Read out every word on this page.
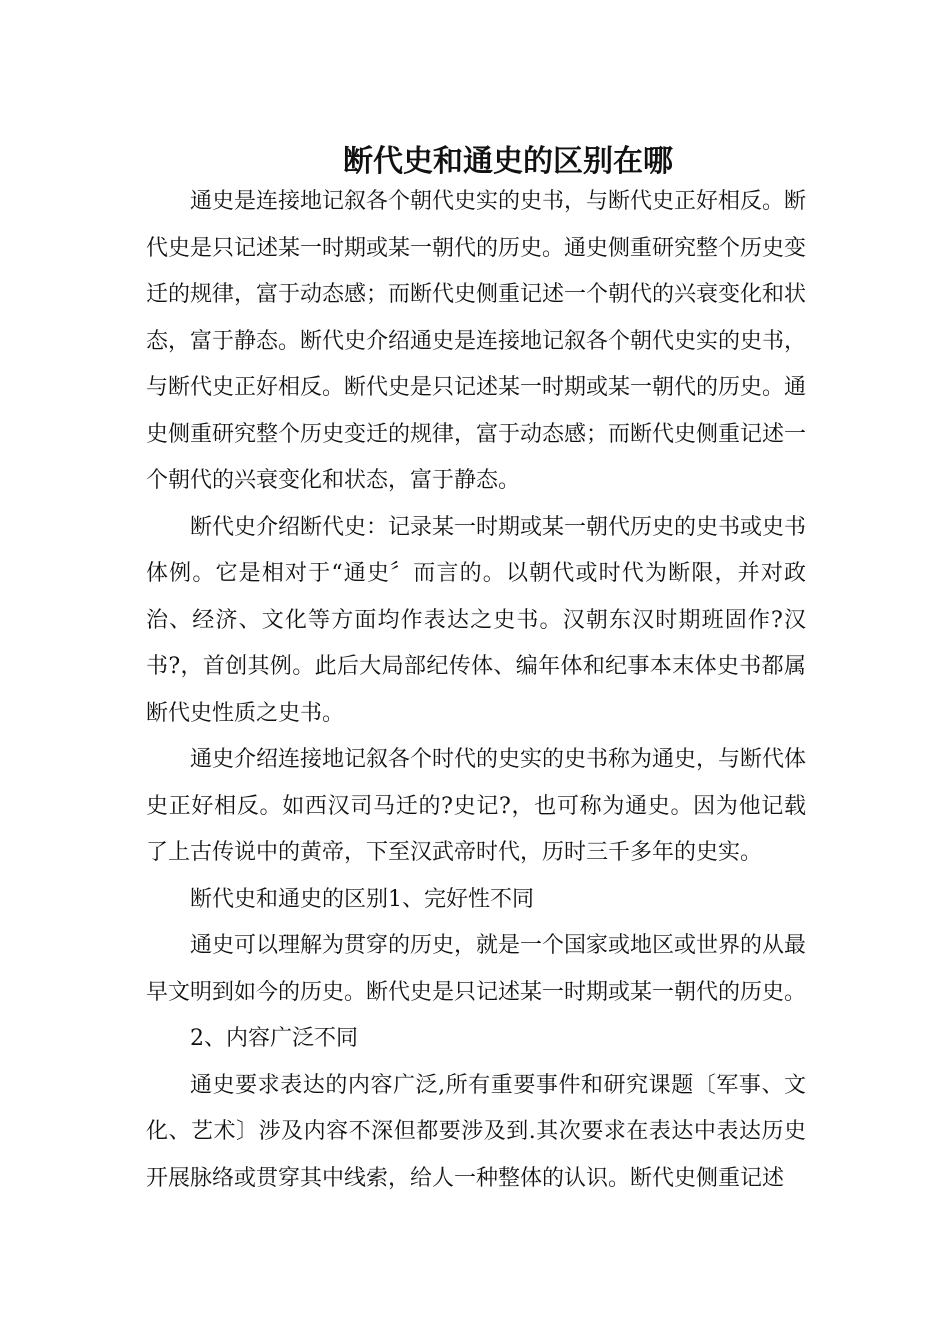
断代史和通史的区别在哪

通史是连接地记叙各个朝代史实的史书，与断代史正好相反。断代史是只记述某一时期或某一朝代的历史。通史侧重研究整个历史变迁的规律，富于动态感；而断代史侧重记述一个朝代的兴衰变化和状态，富于静态。断代史介绍通史是连接地记叙各个朝代史实的史书，与断代史正好相反。断代史是只记述某一时期或某一朝代的历史。通史侧重研究整个历史变迁的规律，富于动态感；而断代史侧重记述一个朝代的兴衰变化和状态，富于静态。

断代史介绍断代史：记录某一时期或某一朝代历史的史书或史书体例。它是相对于“通史〞而言的。以朝代或时代为断限，并对政治、经济、文化等方面均作表达之史书。汉朝东汉时期班固作?汉书?，首创其例。此后大局部纪传体、编年体和纪事本末体史书都属断代史性质之史书。

通史介绍连接地记叙各个时代的史实的史书称为通史，与断代体史正好相反。如西汉司马迁的?史记?，也可称为通史。因为他记载了上古传说中的黄帝，下至汉武帝时代，历时三千多年的史实。

断代史和通史的区别1、完好性不同

通史可以理解为贯穿的历史，就是一个国家或地区或世界的从最早文明到如今的历史。断代史是只记述某一时期或某一朝代的历史。

2、内容广泛不同

通史要求表达的内容广泛,所有重要事件和研究课题〔军事、文化、艺术〕涉及内容不深但都要涉及到.其次要求在表达中表达历史开展脉络或贯穿其中线索，给人一种整体的认识。断代史侧重记述
